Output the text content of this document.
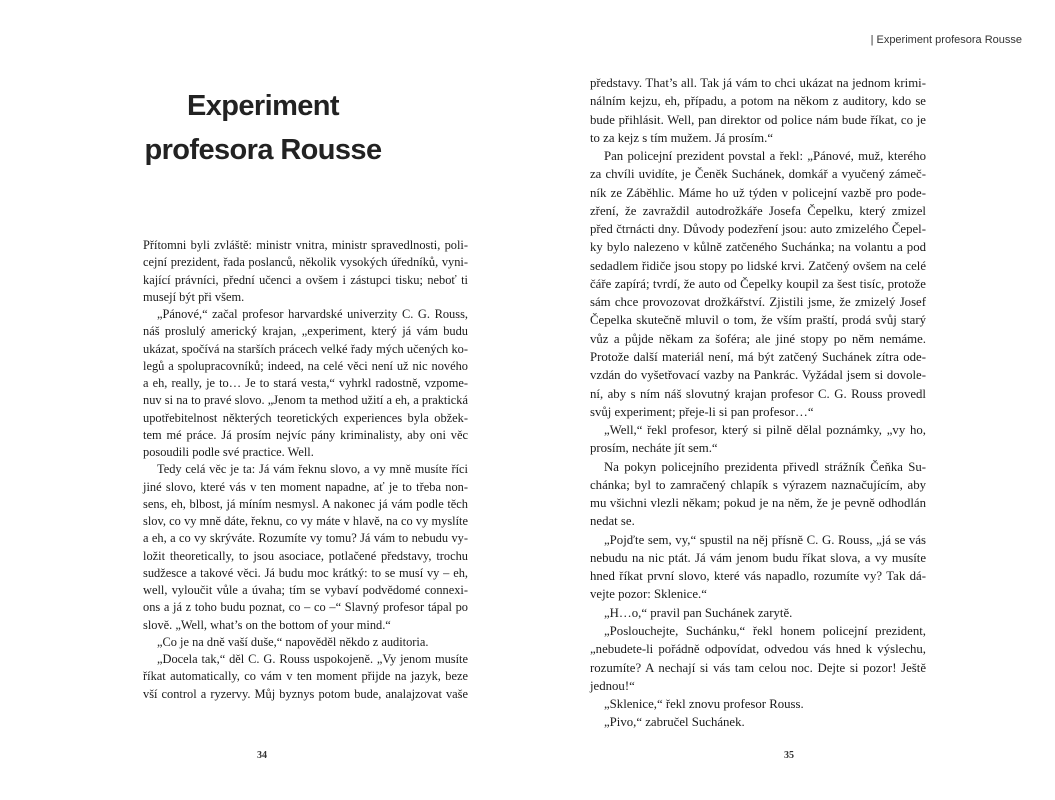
Experiment
profesora Rousse
Přítomni byli zvláště: ministr vnitra, ministr spravedlnosti, poli-
cejní prezident, řada poslanců, několik vysokých úředníků, vyni-
kající právníci, přední učenci a ovšem i zástupci tisku; neboť ti
musejí být při všem.
„Pánové,“ začal profesor harvardské univerzity C. G. Rouss,
náš proslulý americký krajan, „experiment, který já vám budu
ukázat, spočívá na starších prácech velké řady mých učených ko-
legů a spolupracovníků; indeed, na celé věci není už nic nového
a eh, really, je to… Je to stará vesta,“ vyhrkl radostně, vzpome-
nuv si na to pravé slovo. „Jenom ta method užití a eh, a praktická
upotřebitelnost některých teoretických experiences byla obžek-
tem mé práce. Já prosím nejvíc pány kriminalisty, aby oni věc
posoudili podle své practice. Well.
Tedy celá věc je ta: Já vám řeknu slovo, a vy mně musíte říci
jiné slovo, které vás v ten moment napadne, ať je to třeba non-
sens, eh, blbost, já míním nesmysl. A nakonec já vám podle těch
slov, co vy mně dáte, řeknu, co vy máte v hlavě, na co vy myslíte
a eh, a co vy skrýváte. Rozumíte vy tomu? Já vám to nebudu vy-
ložit theoretically, to jsou asociace, potlačené představy, trochu
sudžesce a takové věci. Já budu moc krátký: to se musí vy – eh,
well, vyloučit vůle a úvaha; tím se vybaví podvědomé connexi-
ons a já z toho budu poznat, co – co –“ Slavný profesor tápal po
slově. „Well, what’s on the bottom of your mind.“
„Co je na dně vaší duše,“ napověděl někdo z auditoria.
„Docela tak,“ děl C. G. Rouss uspokojeně. „Vy jenom musíte
říkat automatically, co vám v ten moment přijde na jazyk, beze
vší control a ryzervy. Můj byznys potom bude, analajzovat vaše
34
| Experiment profesora Rousse
představy. That’s all. Tak já vám to chci ukázat na jednom krimi-
nálním kejzu, eh, případu, a potom na někom z auditory, kdo se
bude přihlásit. Well, pan direktor od police nám bude říkat, co je
to za kejz s tím mužem. Já prosím.“
Pan policejní prezident povstal a řekl: „Pánové, muž, kterého
za chvíli uvidíte, je Čeněk Suchánek, domkář a vyučený zámeč-
ník ze Záběhlic. Máme ho už týden v policejní vazbě pro pode-
zření, že zavraždil autodrožkáře Josefa Čepelku, který zmizel
před čtrnácti dny. Důvody podezření jsou: auto zmizelého Čepel-
ky bylo nalezeno v kůlně zatčeného Suchánka; na volantu a pod
sedadlem řidiče jsou stopy po lidské krvi. Zatčený ovšem na celé
čáře zapírá; tvrdí, že auto od Čepelky koupil za šest tisíc, protože
sám chce provozovat drožkářství. Zjistili jsme, že zmizelý Josef
Čepelka skutečně mluvil o tom, že vším praští, prodá svůj starý
vůz a půjde někam za šoféra; ale jiné stopy po něm nemáme.
Protože další materiál není, má být zatčený Suchánek zítra ode-
vzdán do vyšetřovací vazby na Pankrác. Vyžádal jsem si dovole-
ní, aby s ním náš slovutný krajan profesor C. G. Rouss provedl
svůj experiment; přeje-li si pan profesor…“
„Well,“ řekl profesor, který si pilně dělal poznámky, „vy ho,
prosím, necháte jít sem.“
Na pokyn policejního prezidenta přivedl strážník Čeňka Su-
chánka; byl to zamračený chlapík s výrazem naznačujícím, aby
mu všichni vlezli někam; pokud je na něm, že je pevně odhodlán
nedat se.
„Pojďte sem, vy,“ spustil na něj přísně C. G. Rouss, „já se vás
nebudu na nic ptát. Já vám jenom budu říkat slova, a vy musíte
hned říkat první slovo, které vás napadlo, rozumíte vy? Tak dá-
vejte pozor: Sklenice.“
„H…o,“ pravil pan Suchánek zarytě.
„Poslouchejte, Suchánku,“ řekl honem policejní prezident,
„nebudete-li pořádně odpovídat, odvedou vás hned k výslechu,
rozumíte? A nechají si vás tam celou noc. Dejte si pozor! Ještě
jednou!“
„Sklenice,“ řekl znovu profesor Rouss.
„Pivo,“ zabručel Suchánek.
35
